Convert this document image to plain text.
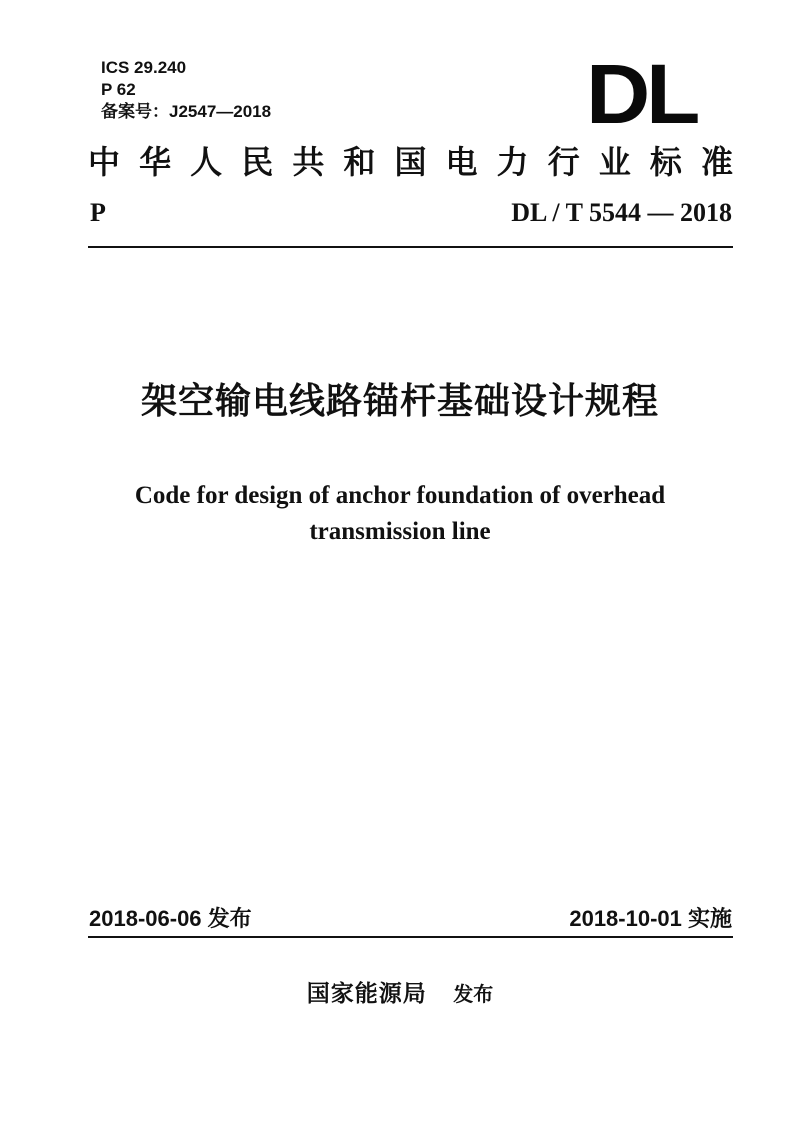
ICS 29.240
P 62
备案号：J2547—2018	DL
中 华 人 民 共 和 国 电 力 行 业 标 准
P	DL / T 5544 — 2018
架空输电线路锚杆基础设计规程
Code for design of anchor foundation of overhead transmission line
2018-06-06 发布	2018-10-01 实施
国家能源局 发布
